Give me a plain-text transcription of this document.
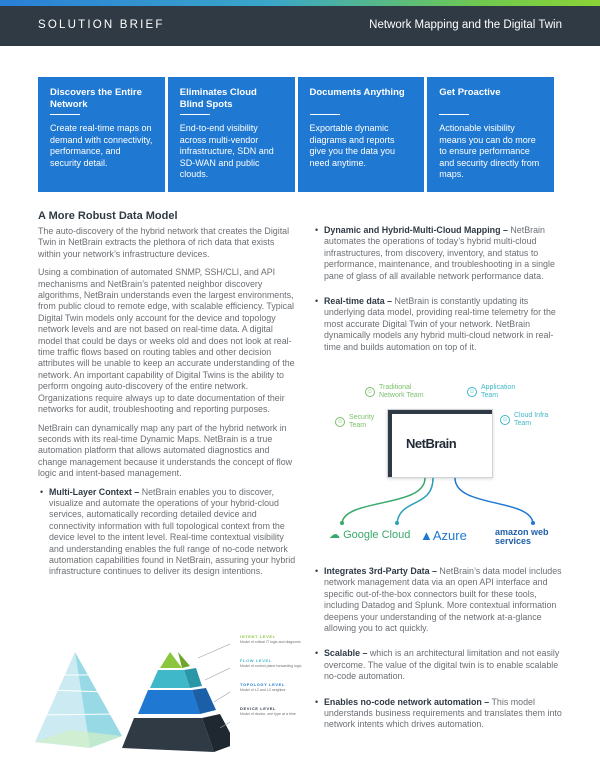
SOLUTION BRIEF	Network Mapping and the Digital Twin
Discovers the Entire Network

Create real-time maps on demand with connectivity, performance, and security detail.

Eliminates Cloud Blind Spots

End-to-end visibility across multi-vendor infrastructure, SDN and SD-WAN and public clouds.

Documents Anything

Exportable dynamic diagrams and reports give you the data you need anytime.

Get Proactive

Actionable visibility means you can do more to ensure performance and security directly from maps.

A More Robust Data Model

The auto-discovery of the hybrid network that creates the Digital Twin in NetBrain extracts the plethora of rich data that exists within your network’s infrastructure devices.

Using a combination of automated SNMP, SSH/CLI, and API mechanisms and NetBrain’s patented neighbor discovery algorithms, NetBrain understands even the largest environments, from public cloud to remote edge, with scalable efficiency. Typical Digital Twin models only account for the device and topology network levels and are not based on real-time data. A digital model that could be days or weeks old and does not look at real-time traffic flows based on routing tables and other decision attributes will be unable to keep an accurate understanding of the network. An important capability of Digital Twins is the ability to perform ongoing auto-discovery of the entire network. Organizations require always up to date documentation of their networks for audit, troubleshooting and reporting purposes.

NetBrain can dynamically map any part of the hybrid network in seconds with its real-time Dynamic Maps. NetBrain is a true automation platform that allows automated diagnostics and change management because it understands the concept of flow logic and intent-based management.

• Multi-Layer Context – NetBrain enables you to discover, visualize and automate the operations of your hybrid-cloud services, automatically recording detailed device and connectivity information with full topological context from the device level to the intent level. Real-time contextual visibility and understanding enables the full range of no-code network automation capabilities found in NetBrain, assuring your hybrid infrastructure continues to deliver its design intentions.
INTENT LEVEL
Model of critical IT logic and diagnosis
FLOW LEVEL
Model of control plane forwarding logic
TOPOLOGY LEVEL
Model of L2 and L3 neighbor
DEVICE LEVEL
Model of device, one type at a time
• Dynamic and Hybrid-Multi-Cloud Mapping – NetBrain automates the operations of today’s hybrid multi-cloud infrastructures, from discovery, inventory, and status to performance, maintenance, and troubleshooting in a single pane of glass of all available network performance data.
• Real-time data – NetBrain is constantly updating its underlying data model, providing real-time telemetry for the most accurate Digital Twin of your network. NetBrain dynamically models any hybrid multi-cloud network in real-time and builds automation on top of it.
☺
Traditional Network Team	☺
Application Team
☺
Security Team
☺
Cloud Infra Team
NetBrain
☁ Google Cloud ▲Azure	amazon web services
• Integrates 3rd-Party Data – NetBrain’s data model includes network management data via an open API interface and specific out-of-the-box connectors built for these tools, including Datadog and Splunk. More contextual information deepens your understanding of the network at-a-glance allowing you to act quickly.
• Scalable – which is an architectural limitation and not easily overcome. The value of the digital twin is to enable scalable no-code automation.
• Enables no-code network automation – This model understands business requirements and translates them into network intents which drives automation.
